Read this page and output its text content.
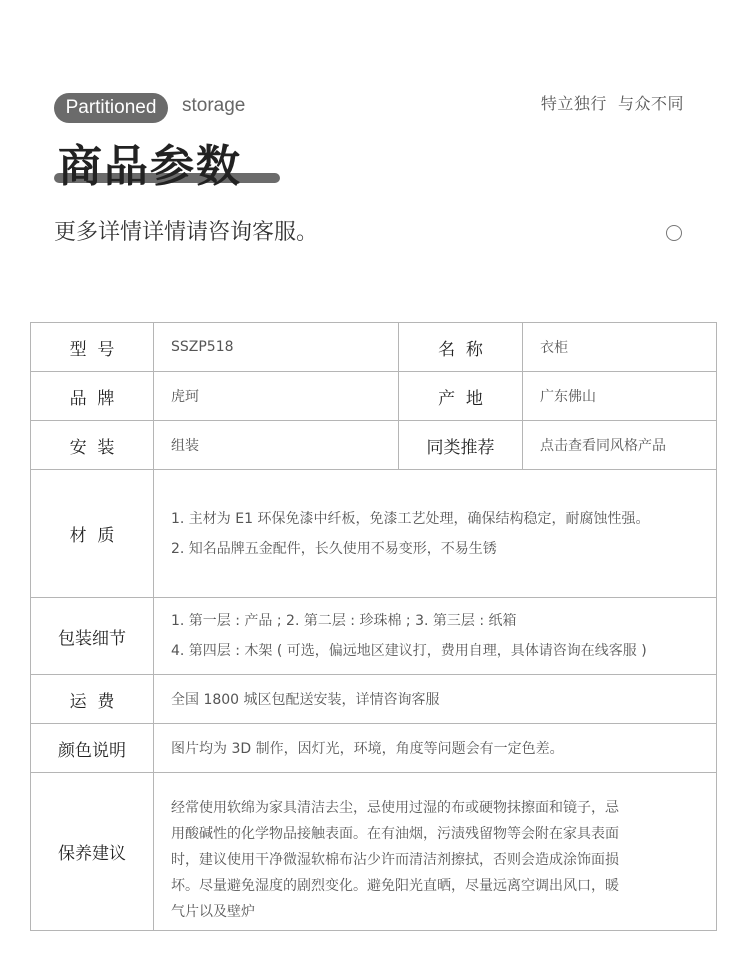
Partitioned	storage	特立独行  与众不同
商品参数
更多详情详情请咨询客服。
型  号	SSZP518	名  称	衣柜
品  牌	虎珂	产  地	广东佛山
安  装	组装	同类推荐	点击查看同风格产品
材  质	1. 主材为 E1 环保免漆中纤板，免漆工艺处理，确保结构稳定，耐腐蚀性强。
2. 知名品牌五金配件，长久使用不易变形，不易生锈		

包装细节	1. 第一层 : 产品 ; 2. 第二层 : 珍珠棉 ; 3. 第三层 : 纸箱
4. 第四层 : 木架 ( 可选，偏远地区建议打，费用自理，具体请咨询在线客服 )		

运  费	全国 1800 城区包配送安装，详情咨询客服		
颜色说明	图片均为 3D 制作，因灯光，环境，角度等问题会有一定色差。		
保养建议	经常使用软绵为家具清洁去尘，忌使用过湿的布或硬物抹擦面和镜子，忌
用酸碱性的化学物品接触表面。在有油烟，污渍残留物等会附在家具表面
时，建议使用干净微湿软棉布沾少许而清洁剂擦拭，否则会造成涂饰面损
坏。尽量避免湿度的剧烈变化。避免阳光直晒，尽量远离空调出风口，暖
气片以及壁炉		
